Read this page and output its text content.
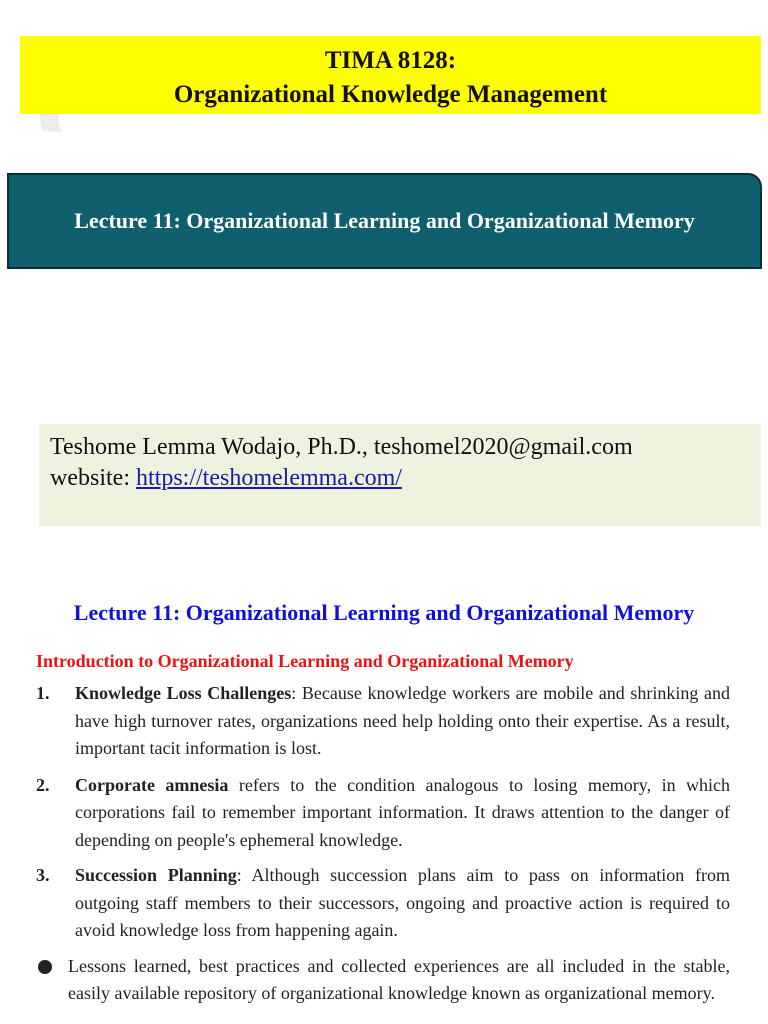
TIMA 8128:
Organizational Knowledge Management
Lecture 11: Organizational Learning and Organizational Memory
Teshome Lemma Wodajo, Ph.D., teshomel2020@gmail.com
website: https://teshomelemma.com/
Lecture 11: Organizational Learning and Organizational Memory
Introduction to Organizational Learning and Organizational Memory
1. Knowledge Loss Challenges: Because knowledge workers are mobile and shrinking and have high turnover rates, organizations need help holding onto their expertise. As a result, important tacit information is lost.
2. Corporate amnesia refers to the condition analogous to losing memory, in which corporations fail to remember important information. It draws attention to the danger of depending on people's ephemeral knowledge.
3. Succession Planning: Although succession plans aim to pass on information from outgoing staff members to their successors, ongoing and proactive action is required to avoid knowledge loss from happening again.
Lessons learned, best practices and collected experiences are all included in the stable, easily available repository of organizational knowledge known as organizational memory.
